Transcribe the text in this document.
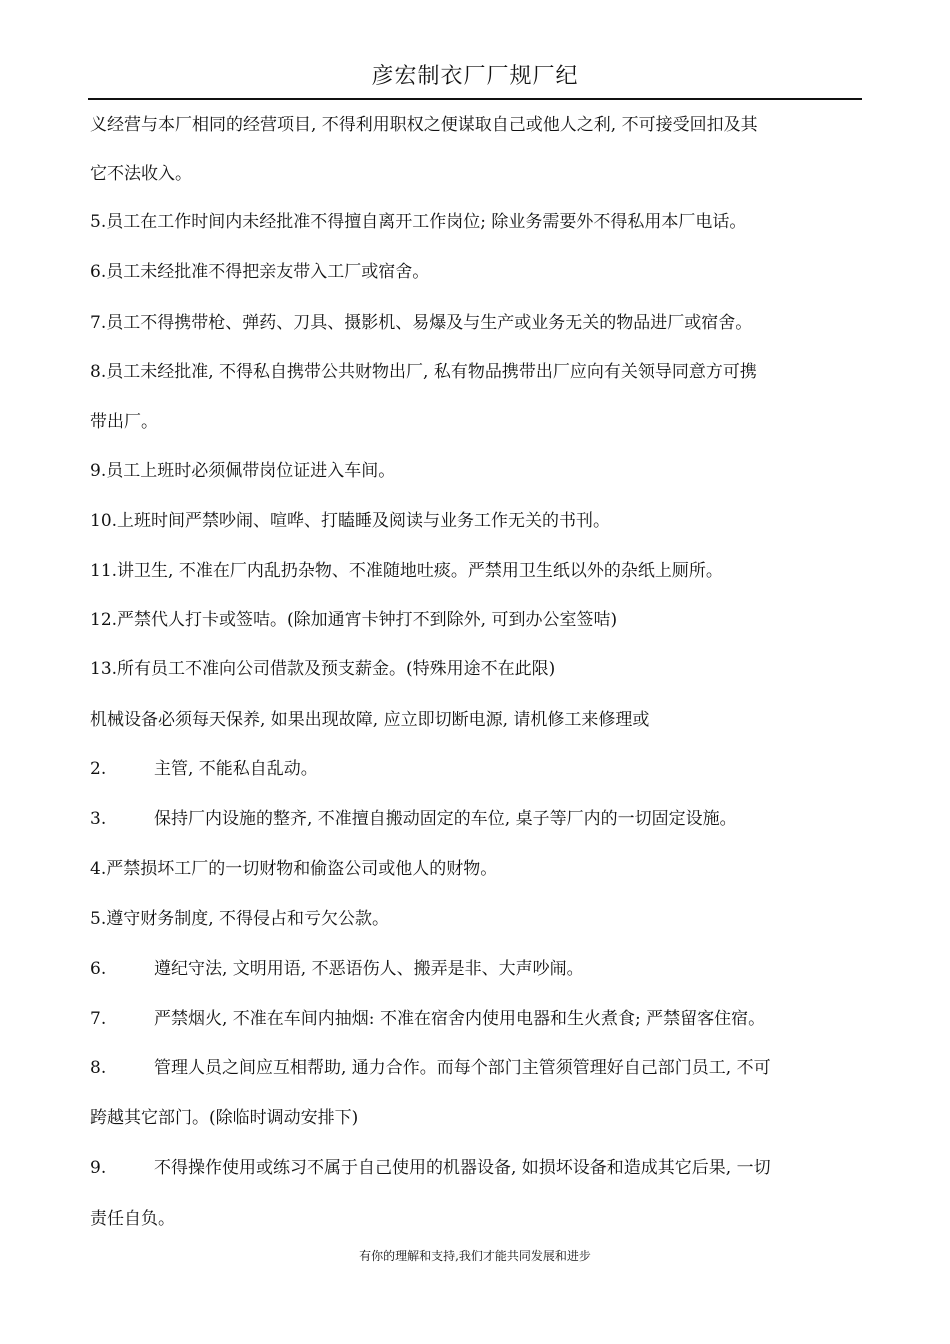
彦宏制衣厂厂规厂纪
义经营与本厂相同的经营项目, 不得利用职权之便谋取自己或他人之利, 不可接受回扣及其
它不法收入。
5.员工在工作时间内未经批准不得擅自离开工作岗位; 除业务需要外不得私用本厂电话。
6.员工未经批准不得把亲友带入工厂或宿舍。
7.员工不得携带枪、弹药、刀具、摄影机、易爆及与生产或业务无关的物品进厂或宿舍。
8.员工未经批准, 不得私自携带公共财物出厂, 私有物品携带出厂应向有关领导同意方可携
带出厂。
9.员工上班时必须佩带岗位证进入车间。
10.上班时间严禁吵闹、喧哗、打瞌睡及阅读与业务工作无关的书刊。
11.讲卫生, 不准在厂内乱扔杂物、不准随地吐痰。严禁用卫生纸以外的杂纸上厕所。
12.严禁代人打卡或签咭。(除加通宵卡钟打不到除外, 可到办公室签咭)
13.所有员工不准向公司借款及预支薪金。(特殊用途不在此限)
机械设备必须每天保养, 如果出现故障, 应立即切断电源, 请机修工来修理或
2.	主管, 不能私自乱动。
3.	保持厂内设施的整齐, 不准擅自搬动固定的车位, 桌子等厂内的一切固定设施。
4.严禁损坏工厂的一切财物和偷盗公司或他人的财物。
5.遵守财务制度, 不得侵占和亏欠公款。
6.	遵纪守法, 文明用语, 不恶语伤人、搬弄是非、大声吵闹。
7.	严禁烟火, 不准在车间内抽烟: 不准在宿舍内使用电器和生火煮食; 严禁留客住宿。
8.	管理人员之间应互相帮助, 通力合作。而每个部门主管须管理好自己部门员工, 不可
跨越其它部门。(除临时调动安排下)
9.	不得操作使用或练习不属于自己使用的机器设备, 如损坏设备和造成其它后果, 一切
责任自负。
有你的理解和支持,我们才能共同发展和进步
